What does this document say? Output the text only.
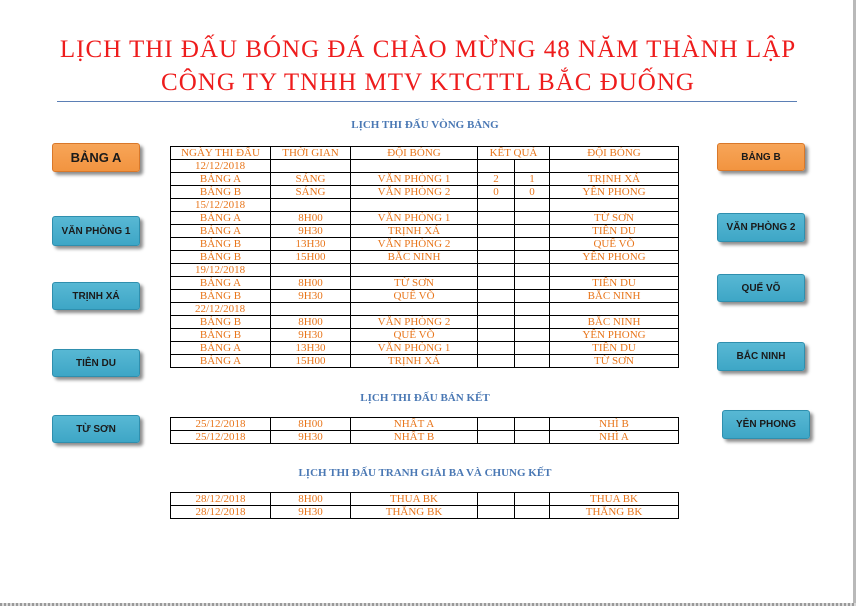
LỊCH THI ĐẤU BÓNG ĐÁ CHÀO MỪNG 48 NĂM THÀNH LẬP
CÔNG TY TNHH MTV KTCTTL BẮC ĐUỐNG
LỊCH THI ĐẤU VÒNG BẢNG
NGÀY THI ĐẤU	THỜI GIAN	ĐỘI BÓNG	KẾT QUẢ		ĐỘI BÓNG
12/12/2018					
BẢNG A	SÁNG	VĂN PHÒNG 1	2	1	TRỊNH XÁ
BẢNG B	SÁNG	VĂN PHÒNG 2	0	0	YÊN PHONG
15/12/2018					
BẢNG A	8H00	VĂN PHÒNG 1			TỪ SƠN
BẢNG A	9H30	TRỊNH XÁ			TIÊN DU
BẢNG B	13H30	VĂN PHÒNG 2			QUẾ VÕ
BẢNG B	15H00	BẮC NINH			YÊN PHONG
19/12/2018					
BẢNG A	8H00	TỪ SƠN			TIÊN DU
BẢNG B	9H30	QUẾ VÕ			BẮC NINH
22/12/2018					
BẢNG B	8H00	VĂN PHÒNG 2			BẮC NINH
BẢNG B	9H30	QUẾ VÕ			YÊN PHONG
BẢNG A	13H30	VĂN PHÒNG 1			TIÊN DU
BẢNG A	15H00	TRỊNH XÁ			TỪ SƠN
LỊCH THI ĐẤU BÁN KẾT
25/12/2018	8H00	NHẤT A			NHÌ B
25/12/2018	9H30	NHẤT B			NHÌ A
LỊCH THI ĐẤU TRANH GIẢI BA VÀ CHUNG KẾT
28/12/2018	8H00	THUA BK			THUA BK
28/12/2018	9H30	THẮNG BK			THẮNG BK
BẢNG A
VĂN PHÒNG 1
TRỊNH XÁ
TIÊN DU
TỪ SƠN
BẢNG B
VĂN PHÒNG 2
QUẾ VÕ
BẮC NINH
YÊN PHONG
